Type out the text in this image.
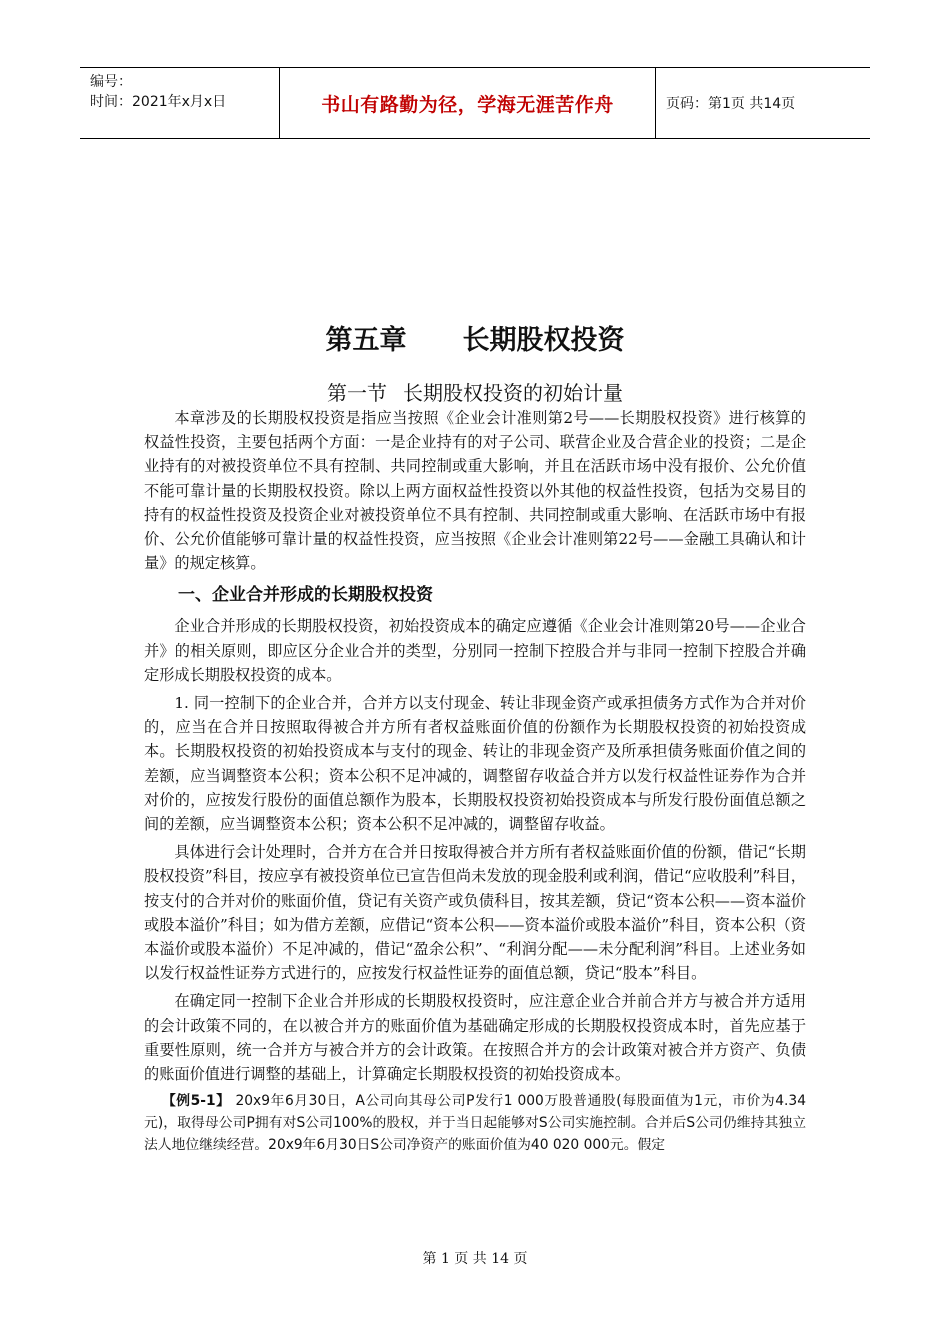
编号：
时间：2021年x月x日	书山有路勤为径，学海无涯苦作舟	页码：第1页 共14页
第五章 长期股权投资
第一节 长期股权投资的初始计量

本章涉及的长期股权投资是指应当按照《企业会计准则第2号——长期股权投资》进行核算的权益性投资，主要包括两个方面：一是企业持有的对子公司、联营企业及合营企业的投资；二是企业持有的对被投资单位不具有控制、共同控制或重大影响，并且在活跃市场中没有报价、公允价值不能可靠计量的长期股权投资。除以上两方面权益性投资以外其他的权益性投资，包括为交易目的持有的权益性投资及投资企业对被投资单位不具有控制、共同控制或重大影响、在活跃市场中有报价、公允价值能够可靠计量的权益性投资，应当按照《企业会计准则第22号——金融工具确认和计量》的规定核算。

一、企业合并形成的长期股权投资

企业合并形成的长期股权投资，初始投资成本的确定应遵循《企业会计准则第20号——企业合并》的相关原则，即应区分企业合并的类型，分别同一控制下控股合并与非同一控制下控股合并确定形成长期股权投资的成本。

1. 同一控制下的企业合并，合并方以支付现金、转让非现金资产或承担债务方式作为合并对价的，应当在合并日按照取得被合并方所有者权益账面价值的份额作为长期股权投资的初始投资成本。长期股权投资的初始投资成本与支付的现金、转让的非现金资产及所承担债务账面价值之间的差额，应当调整资本公积；资本公积不足冲减的，调整留存收益合并方以发行权益性证券作为合并对价的，应按发行股份的面值总额作为股本，长期股权投资初始投资成本与所发行股份面值总额之间的差额，应当调整资本公积；资本公积不足冲减的，调整留存收益。

具体进行会计处理时，合并方在合并日按取得被合并方所有者权益账面价值的份额，借记“长期股权投资”科目，按应享有被投资单位已宣告但尚未发放的现金股利或利润，借记“应收股利”科目，按支付的合并对价的账面价值，贷记有关资产或负债科目，按其差额，贷记“资本公积——资本溢价或股本溢价”科目；如为借方差额，应借记“资本公积——资本溢价或股本溢价”科目，资本公积（资本溢价或股本溢价）不足冲减的，借记“盈余公积”、“利润分配——未分配利润”科目。上述业务如以发行权益性证券方式进行的，应按发行权益性证券的面值总额，贷记“股本”科目。

在确定同一控制下企业合并形成的长期股权投资时，应注意企业合并前合并方与被合并方适用的会计政策不同的，在以被合并方的账面价值为基础确定形成的长期股权投资成本时，首先应基于重要性原则，统一合并方与被合并方的会计政策。在按照合并方的会计政策对被合并方资产、负债的账面价值进行调整的基础上，计算确定长期股权投资的初始投资成本。

【例5-1】 20x9年6月30日，A公司向其母公司P发行1 000万股普通股(每股面值为1元，市价为4.34元)，取得母公司P拥有对S公司100%的股权，并于当日起能够对S公司实施控制。合并后S公司仍维持其独立法人地位继续经营。20x9年6月30日S公司净资产的账面价值为40 020 000元。假定

第 1 页 共 14 页
